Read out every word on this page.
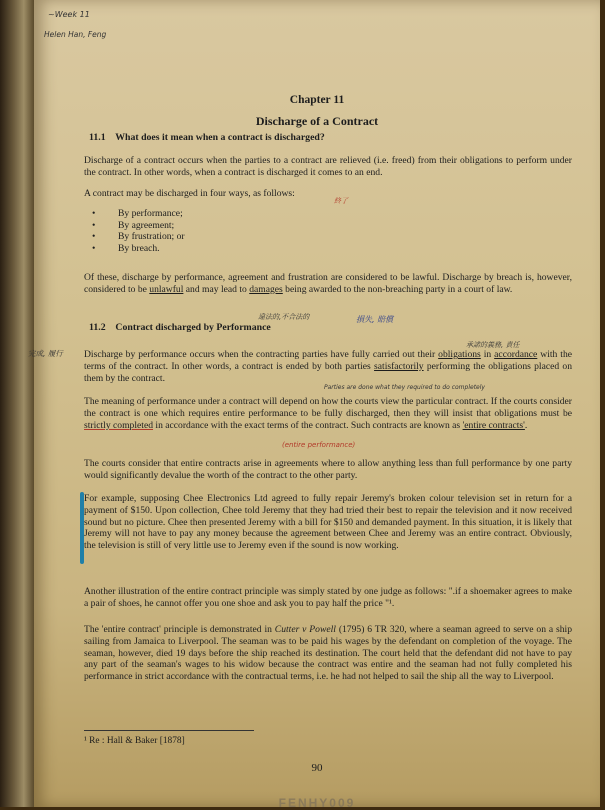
~Week 11
Helen Han, Feng
Chapter 11
Discharge of a Contract
11.1 What does it mean when a contract is discharged?
Discharge of a contract occurs when the parties to a contract are relieved (i.e. freed) from their obligations to perform under the contract. In other words, when a contract is discharged it comes to an end.
終了
A contract may be discharged in four ways, as follows:
• By performance;
• By agreement;
• By frustration; or
• By breach.
Of these, discharge by performance, agreement and frustration are considered to be lawful. Discharge by breach is, however, considered to be unlawful and may lead to damages being awarded to the non-breaching party in a court of law.
違法的,不合法的	損失, 賠償
11.2 Contract discharged by Performance
承諾的義務, 責任
完成, 履行 Discharge by performance occurs when the contracting parties have fully carried out their obligations in accordance with the terms of the contract. In other words, a contract is ended by both parties satisfactorily performing the obligations placed on them by the contract.
Parties are done what they required to do completely
The meaning of performance under a contract will depend on how the courts view the particular contract. If the courts consider the contract is one which requires entire performance to be fully discharged, then they will insist that obligations must be strictly completed in accordance with the exact terms of the contract. Such contracts are known as 'entire contracts'.
(entire performance)
The courts consider that entire contracts arise in agreements where to allow anything less than full performance by one party would significantly devalue the worth of the contract to the other party.
For example, supposing Chee Electronics Ltd agreed to fully repair Jeremy's broken colour television set in return for a payment of $150. Upon collection, Chee told Jeremy that they had tried their best to repair the television and it now received sound but no picture. Chee then presented Jeremy with a bill for $150 and demanded payment. In this situation, it is likely that Jeremy will not have to pay any money because the agreement between Chee and Jeremy was an entire contract. Obviously, the television is still of very little use to Jeremy even if the sound is now working.
Another illustration of the entire contract principle was simply stated by one judge as follows: ".if a shoemaker agrees to make a pair of shoes, he cannot offer you one shoe and ask you to pay half the price "¹.
The 'entire contract' principle is demonstrated in Cutter v Powell (1795) 6 TR 320, where a seaman agreed to serve on a ship sailing from Jamaica to Liverpool. The seaman was to be paid his wages by the defendant on completion of the voyage. The seaman, however, died 19 days before the ship reached its destination. The court held that the defendant did not have to pay any part of the seaman's wages to his widow because the contract was entire and the seaman had not fully completed his performance in strict accordance with the contractual terms, i.e. he had not helped to sail the ship all the way to Liverpool.
¹ Re : Hall & Baker [1878]
90
FENHY009
